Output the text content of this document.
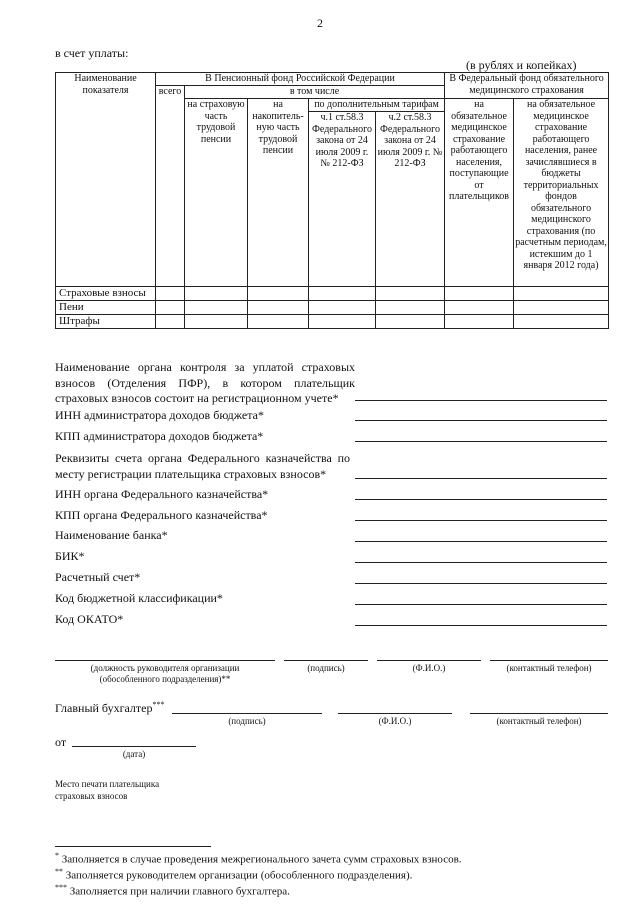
2
в счет уплаты:
(в рублях и копейках)
Наименование показателя	В Пенсионный фонд Российской Федерации					В Федеральный фонд обязательного медицинского страхования	
	всего	в том числе					
		на страховую часть трудовой пенсии	на накопитель-ную часть трудовой пенсии	по дополнительным тарифам		на обязательное медицинское страхование работающего населения, поступающие от плательщиков	на обязательное медицинское страхование работающего населения, ранее зачислявшиеся в бюджеты территориальных фондов обязательного медицинского страхования (по расчетным периодам, истекшим до 1 января 2012 года)
				ч.1 ст.58.3 Федерального закона от 24 июля 2009 г. № 212-ФЗ	ч.2 ст.58.3 Федерального закона от 24 июля 2009 г. № 212-ФЗ		
Страховые взносы							
Пени							
Штрафы							
Наименование органа контроля за уплатой страховых взносов (Отделения ПФР), в котором плательщик страховых взносов состоит на регистрационном учете*
ИНН администратора доходов бюджета*
КПП администратора доходов бюджета*
Реквизиты счета органа Федерального казначейства по месту регистрации плательщика страховых взносов*
ИНН органа Федерального казначейства*
КПП органа Федерального казначейства*
Наименование банка*
БИК*
Расчетный счет*
Код бюджетной классификации*
Код ОКАТО*
(должность руководителя организации (обособленного подразделения)**
(подпись)	(Ф.И.О.)	(контактный телефон)
Главный бухгалтер***
(подпись)	(Ф.И.О.)	(контактный телефон)
от
(дата)
Место печати плательщика страховых взносов
* Заполняется в случае проведения межрегионального зачета сумм страховых взносов.
** Заполняется руководителем организации (обособленного подразделения).
*** Заполняется при наличии главного бухгалтера.
